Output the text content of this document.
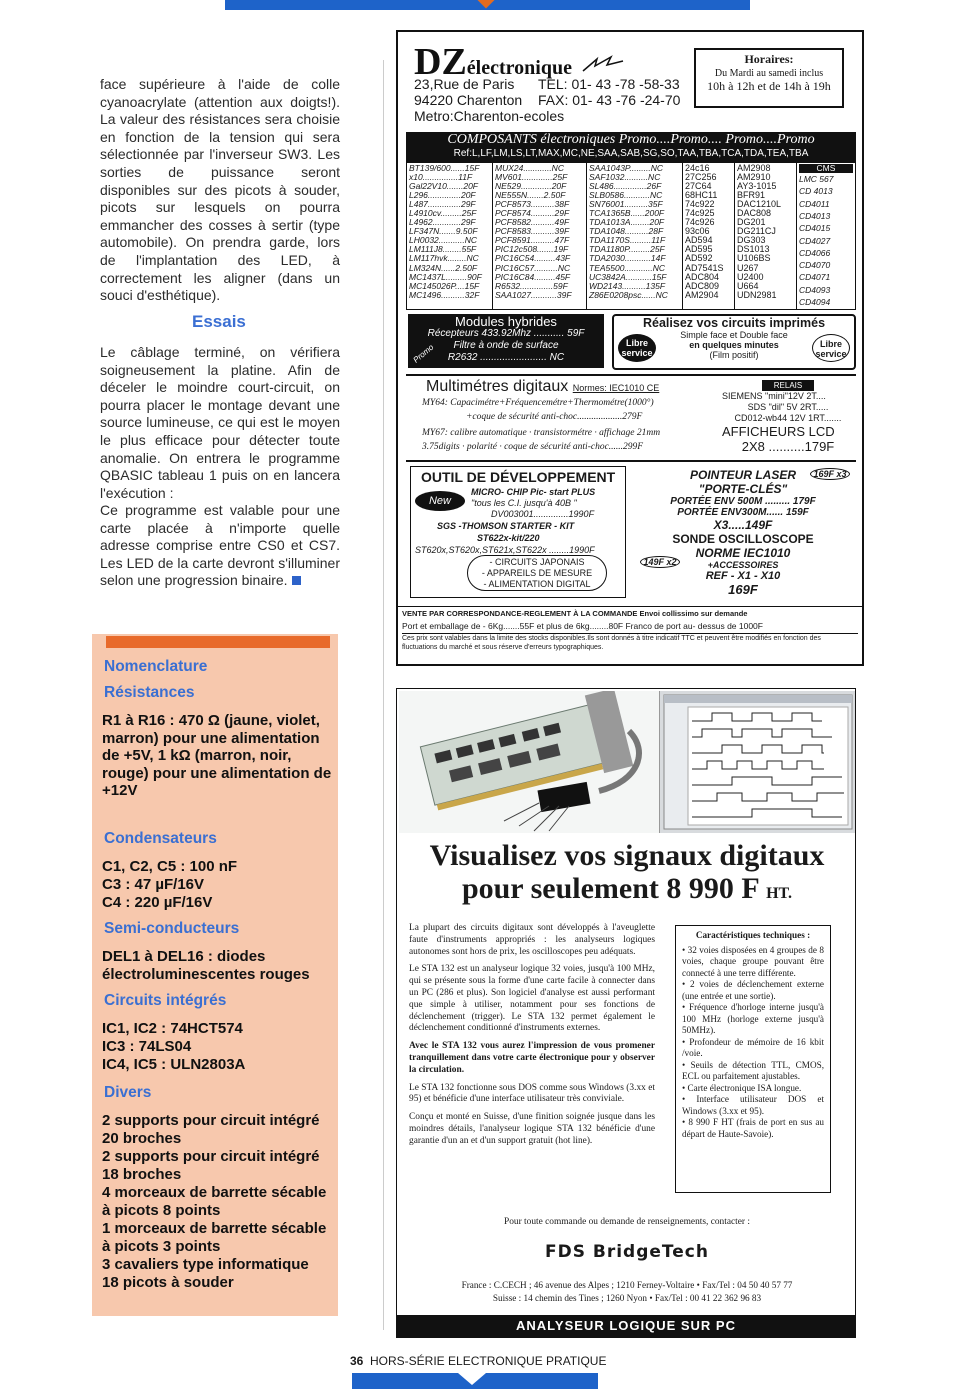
face supérieure à l'aide de colle cyanoacrylate (attention aux doigts!). La valeur des résistances sera choisie en fonction de la tension qui sera sélectionnée par l'inverseur SW3. Les sorties de puissance seront disponibles sur des picots à souder, picots sur lesquels on pourra emmancher des cosses à sertir (type automobile). On prendra garde, lors de l'implantation des LED, à correctement les aligner (dans un souci d'esthétique).
Essais
Le câblage terminé, on vérifiera soigneusement la platine. Afin de déceler le moindre court-circuit, on pourra placer le montage devant une source lumineuse, ce qui est le moyen le plus efficace pour détecter toute anomalie. On entrera le programme QBASIC tableau 1 puis on en lancera l'exécution :
Ce programme est valable pour une carte placée à n'importe quelle adresse comprise entre CS0 et CS7. Les LED de la carte devront s'illuminer selon une progression binaire.
Nomenclature
Résistances
R1 à R16 : 470 Ω (jaune, violet, marron) pour une alimentation de +5V, 1 kΩ (marron, noir, rouge) pour une alimentation de +12V
Condensateurs
C1, C2, C5 : 100 nF
C3 : 47 µF/16V
C4 : 220 µF/16V
Semi-conducteurs
DEL1 à DEL16 : diodes électroluminescentes rouges
Circuits intégrés
IC1, IC2 : 74HCT574
IC3 : 74LS04
IC4, IC5 : ULN2803A
Divers
2 supports pour circuit intégré 20 broches
2 supports pour circuit intégré 18 broches
4 morceaux de barrette sécable à picots 8 points
1 morceaux de barrette sécable à picots 3 points
3 cavaliers type informatique
18 picots à souder
DZélectronique
23,Rue de Paris
94220 Charenton
Metro:Charenton-ecoles
TEL: 01- 43 -78 -58-33
FAX: 01- 43 -76 -24-70
Horaires:
Du Mardi au samedi inclus
10h à 12h et de 14h à 19h
COMPOSANTS électroniques Promo....Promo.... Promo....Promo
Ref:L,LF,LM,LS,LT,MAX,MC,NE,SAA,SAB,SG,SO,TAA,TBA,TCA,TDA,TEA,TBA
BT139/600......15F
x10...............11F
Gal22V10.......20F
L296..............20F
L487..............29F
L4910cv.........25F
L4962............29F
LF347N.......9.50F
LH0032...........NC
LM111J8........55F
LM117hvk........NC
LM324N......2.50F
MC1437L.........90F
MC145026P....15F
MC1496..........32F
MUX24............NC
MV601.............25F
NE529.............20F
NE555N.......2.50F
PCF8573..........38F
PCF8574..........29F
PCF8582..........49F
PCF8583..........39F
PCF8591..........47F
PIC12c508.......19F
PIC16C54.........43F
PIC16C57..........NC
PIC16C84.........45F
R6532..............59F
SAA1027...........39F
SAA1043P.........NC
SAF1032..........NC
SL486..............26F
SLB0586...........NC
SN76001..........35F
TCA1365B......200F
TDA1013A........20F
TDA1048..........28F
TDA1170S.........11F
TDA1180P.........25F
TDA2030...........14F
TEA5500............NC
UC3842A...........15F
WD2143..........135F
Z86E0208psc......NC
24c16
27C256
27C64
68HC11
74c922
74c925
74c926
93c06
AD594
AD595
AD592
AD7541S
ADC804
ADC809
AM2904
AM2908
AM2910
AY3-1015
BFR91
DAC1210L
DAC808
DG201
DG211CJ
DG303
DS1013
U106BS
U267
U2400
U664
UDN2981
CMS
LMC 567
CD 4013
CD4011
CD4013
CD4015
CD4027
CD4066
CD4070
CD4071
CD4093
CD4094
Modules hybrides
Récepteurs 433.92Mhz ........... 59F
Filtre à onde de surface
R2632 ........................ NC
Promo
Réalisez vos circuits imprimés
Simple face et Double face
en quelques minutes
(Film positif)
Libre service
Libre service
Multimétres digitaux Normes: IEC1010 CE
MY64: Capacimétre+Fréquencemétre+Thermométre(1000°)
+coque de sécurité anti-choc...................279F
MY67: calibre automatique · transistormétre · affichage 21mm
3.75digits · polarité · coque de sécurité anti-choc......299F
RELAIS
SIEMENS "mini"12V 2T....
SDS "dil" 5V 2RT.....
CD012-wb44 12V 1RT.......
AFFICHEURS LCD
2X8 ..........179F
OUTIL DE DÉVELOPPEMENT
New
MICRO- CHIP Pic- start PLUS
"tous les C.I. jusqu'à 40B "
DV003001..............1990F
SGS -THOMSON STARTER - KIT
ST622x-kit/220
ST620x,ST620x,ST621x,ST622x ........1990F
- CIRCUITS JAPONAIS
- APPAREILS DE MESURE
- ALIMENTATION DIGITAL
POINTEUR LASER
"PORTE-CLÉS"
PORTÉE ENV 500M ......... 179F
PORTÉE ENV300M...... 159F
X3.....149F
169F x3
SONDE OSCILLOSCOPE
NORME IEC1010
+ACCESSOIRES
REF - X1 - X10
169F
149F x2
VENTE PAR CORRESPONDANCE-REGLEMENT À LA COMMANDE Envoi collissimo sur demande
Port et emballage de - 6Kg.......55F et plus de 6kg........80F Franco de port au- dessus de 1000F
Ces prix sont valables dans la limite des stocks disponibles.Ils sont donnés à titre indicatif TTC et peuvent être modifiés en fonction des fluctuations du marché et sous réserve d'erreurs typographiques.
Visualisez vos signaux digitaux
pour seulement 8 990 F HT.

La plupart des circuits digitaux sont développés à l'aveuglette faute d'instruments appropriés : les analyseurs logiques autonomes sont hors de prix, les oscilloscopes peu adéquats.

Le STA 132 est un analyseur logique 32 voies, jusqu'à 100 MHz, qui se présente sous la forme d'une carte facile à connecter dans un PC (286 et plus). Son logiciel d'analyse est aussi performant que simple à utiliser, notamment pour ses fonctions de déclenchement (trigger). Le STA 132 permet également le déclenchement conditionné d'instruments externes.

Avec le STA 132 vous aurez l'impression de vous promener tranquillement dans votre carte électronique pour y observer la circulation.

Le STA 132 fonctionne sous DOS comme sous Windows (3.xx et 95) et bénéficie d'une interface utilisateur très conviviale.

Conçu et monté en Suisse, d'une finition soignée jusque dans les moindres détails, l'analyseur logique STA 132 bénéficie d'une garantie d'un an et d'un support gratuit (hot line).

Caractéristiques techniques :
• 32 voies disposées en 4 groupes de 8 voies, chaque groupe pouvant être connecté à une terre différente.
• 2 voies de déclenchement externe (une entrée et une sortie).
• Fréquence d'horloge interne jusqu'à 100 MHz (horloge externe jusqu'à 50MHz).
• Profondeur de mémoire de 16 kbit /voie.
• Seuils de détection TTL, CMOS, ECL ou parfaitement ajustables.
• Carte électronique ISA longue.
• Interface utilisateur DOS et Windows (3.xx et 95).
• 8 990 F HT (frais de port en sus au départ de Haute-Savoie).
Pour toute commande ou demande de renseignements, contacter :
FDS BridgeTech
France : C.CECH ; 46 avenue des Alpes ; 1210 Ferney-Voltaire • Fax/Tel : 04 50 40 57 77
Suisse : 14 chemin des Tines ; 1260 Nyon • Fax/Tel : 00 41 22 362 96 83
ANALYSEUR LOGIQUE SUR PC
36 HORS-SÉRIE ELECTRONIQUE PRATIQUE
